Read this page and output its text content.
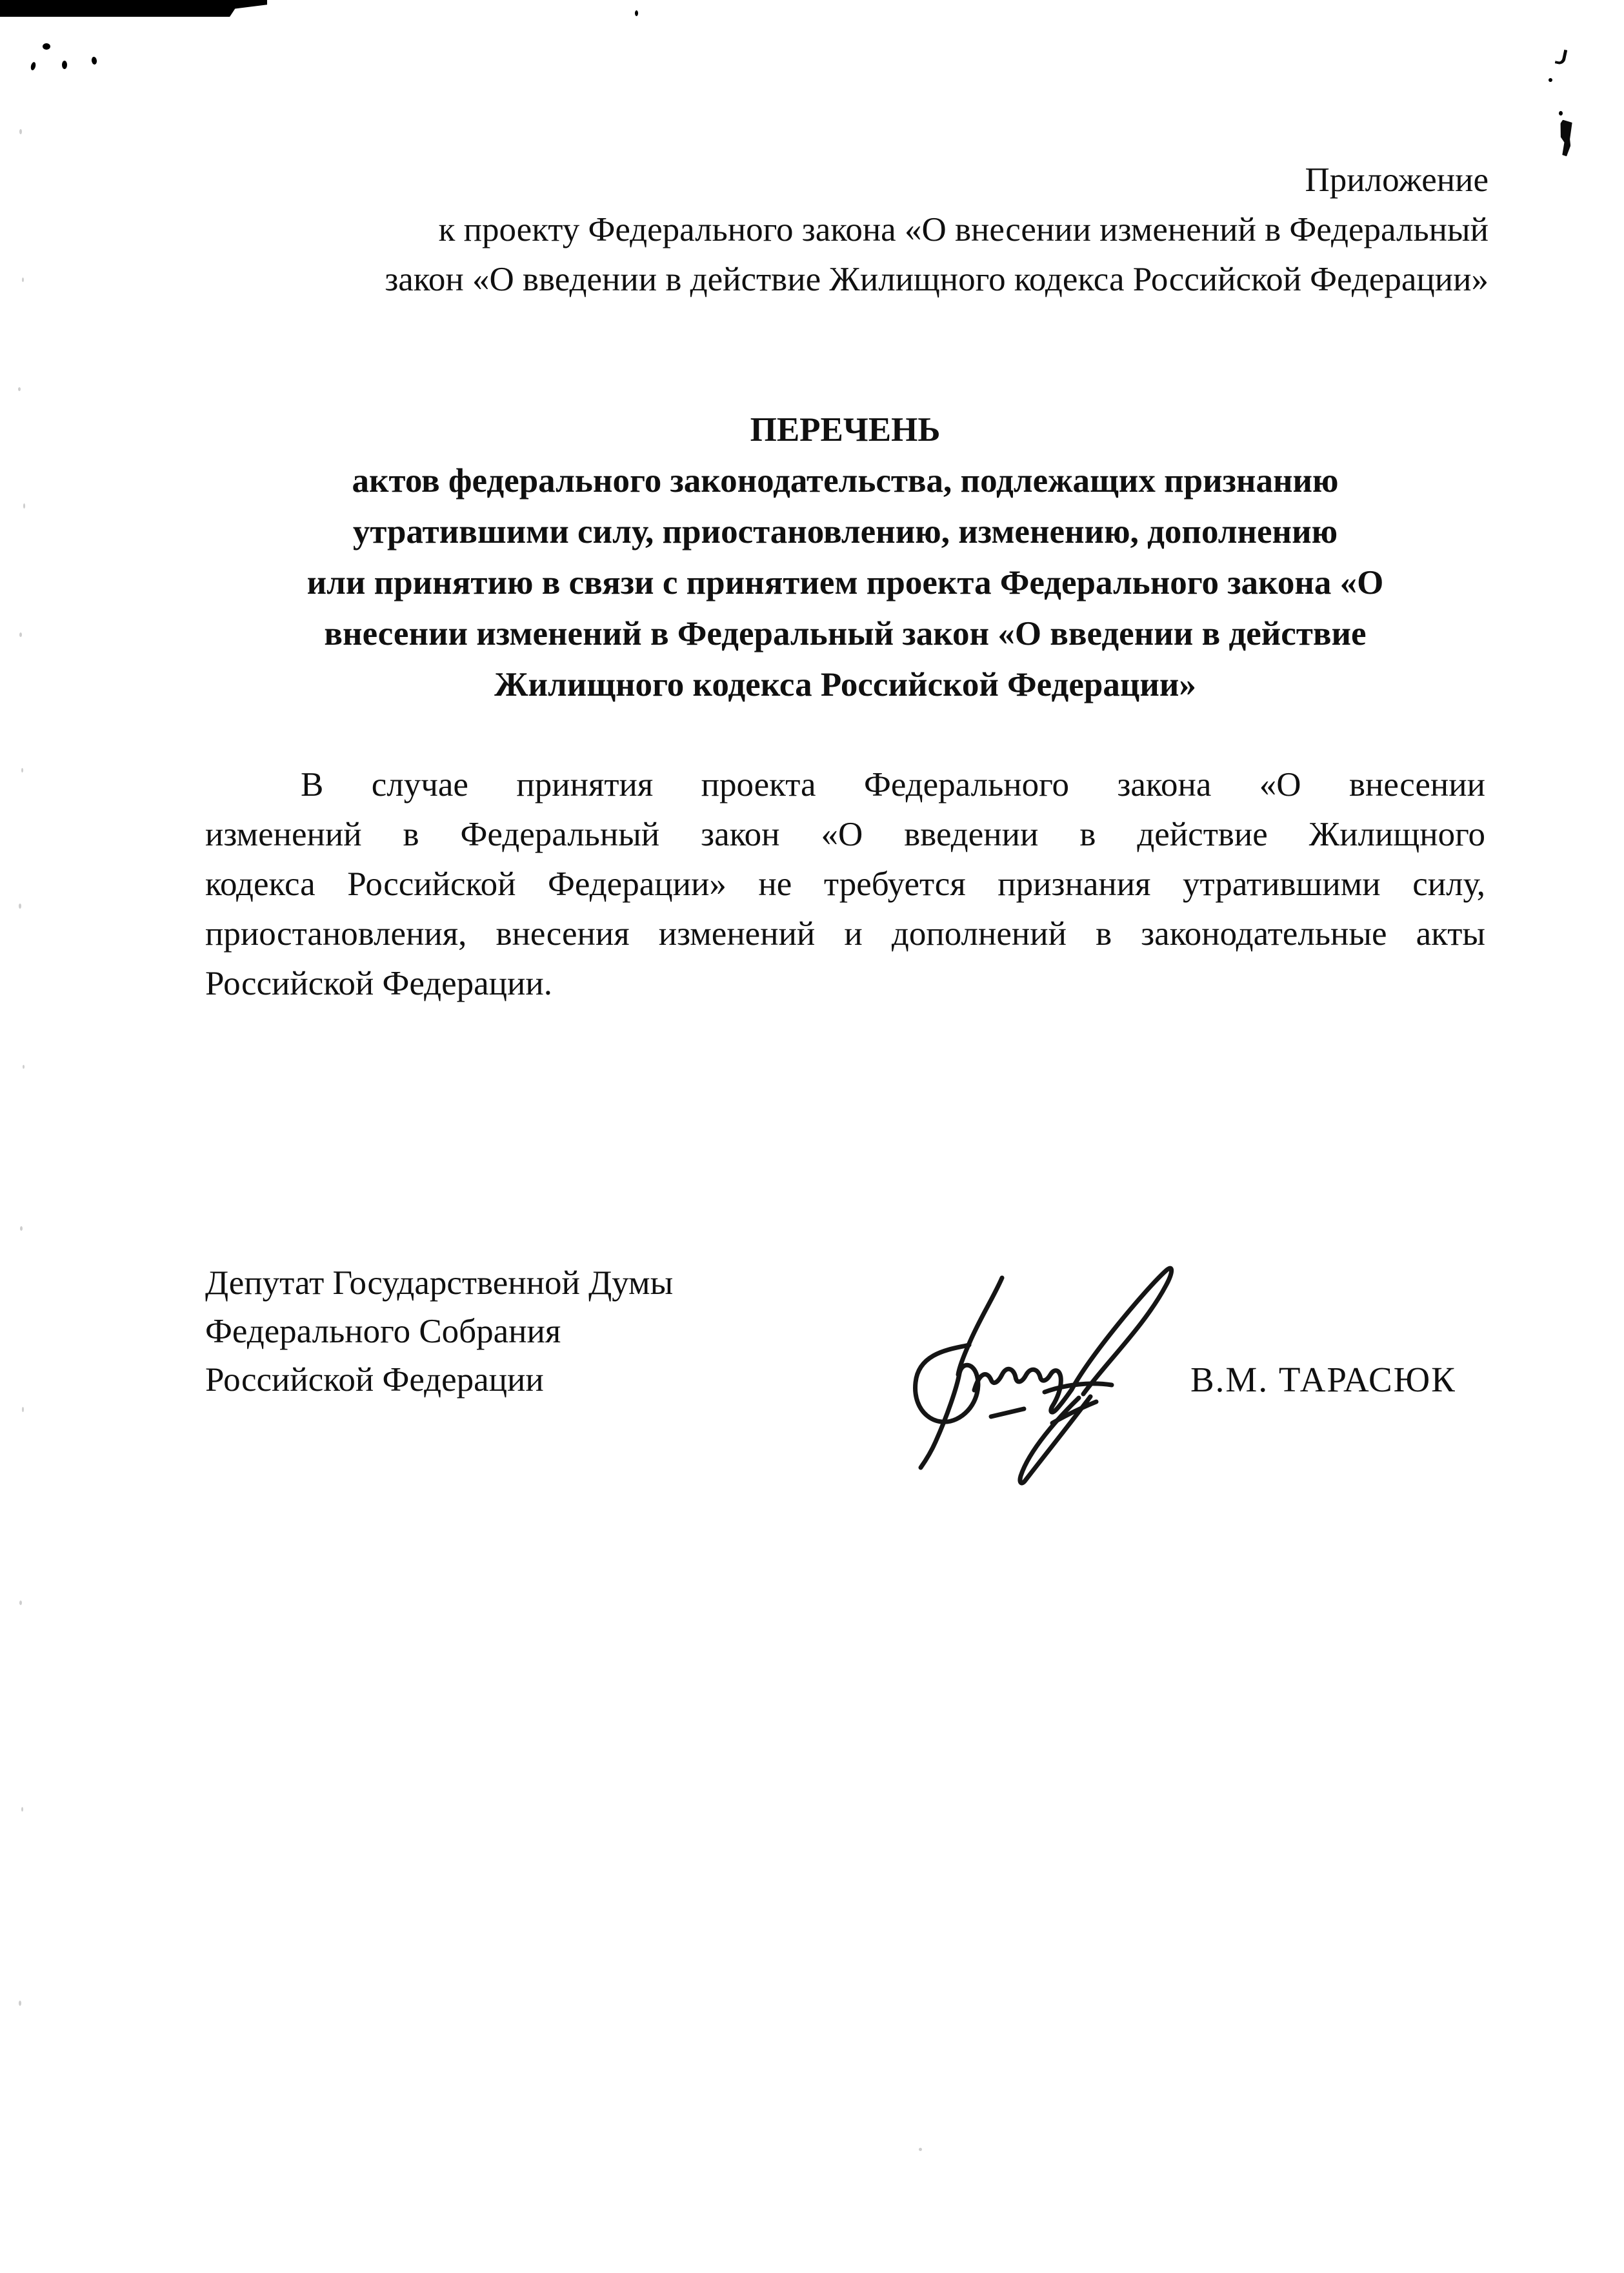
Приложение
к проекту Федерального закона «О внесении изменений в Федеральный
закон «О введении в действие Жилищного кодекса Российской Федерации»
ПЕРЕЧЕНЬ
актов федерального законодательства, подлежащих признанию
утратившими силу, приостановлению, изменению, дополнению
или принятию в связи с принятием проекта Федерального закона «О
внесении изменений в Федеральный закон «О введении в действие
Жилищного кодекса Российской Федерации»
В случае принятия проекта Федерального закона «О внесении
изменений в Федеральный закон «О введении в действие Жилищного
кодекса Российской Федерации» не требуется признания утратившими силу,
приостановления, внесения изменений и дополнений в законодательные акты
Российской Федерации.
Депутат Государственной Думы
Федерального Собрания
Российской Федерации	В.М. ТАРАСЮК
